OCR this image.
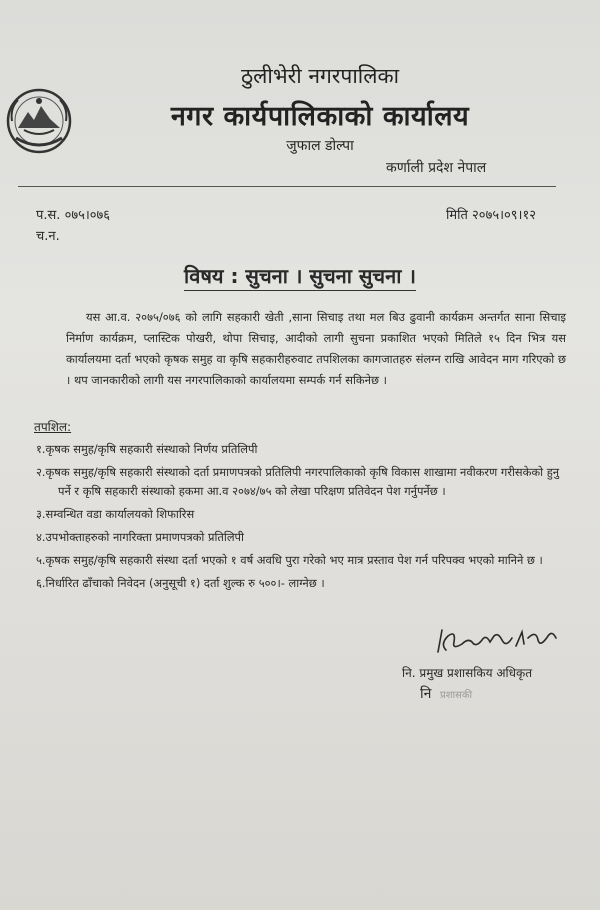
ठुलीभेरी नगरपालिका
नगर कार्यपालिकाको कार्यालय
जुफाल डोल्पा
कर्णाली प्रदेश नेपाल
प.स. ०७५।०७६
च.न.
मिति २०७५।०९।१२
विषय : सुचना । सुचना सुचना ।
यस आ.व. २०७५/०७६ को लागि सहकारी खेती ,साना सिचाइ तथा मल बिउ ढुवानी कार्यक्रम अन्तर्गत साना सिचाइ निर्माण कार्यक्रम, प्लास्टिक पोखरी, थोपा सिचाइ, आदीको लागी सुचना प्रकाशित भएको मितिले १५ दिन भित्र यस कार्यालयमा दर्ता भएको कृषक समुह वा कृषि सहकारीहरुवाट तपशिलका कागजातहरु संलग्न राखि आवेदन माग गरिएको छ । थप जानकारीको लागी यस नगरपालिकाको कार्यालयमा सम्पर्क गर्न सकिनेछ ।
तपशिल:
१.कृषक समुह/कृषि सहकारी संस्थाको निर्णय प्रतिलिपी
२.कृषक समुह/कृषि सहकारी संस्थाको दर्ता प्रमाणपत्रको प्रतिलिपी नगरपालिकाको कृषि विकास शाखामा नवीकरण गरीसकेको हुनु पर्ने र कृषि सहकारी संस्थाको हकमा आ.व २०७४/७५ को लेखा परिक्षण प्रतिवेदन पेश गर्नुपर्नेछ ।
३.सम्वन्धित वडा कार्यालयको शिफारिस
४.उपभोक्ताहरुको नागरिक्ता प्रमाणपत्रको प्रतिलिपी
५.कृषक समुह/कृषि सहकारी संस्था दर्ता भएको १ वर्ष अवधि पुरा गरेको भए मात्र प्रस्ताव पेश गर्न परिपक्व भएको मानिने छ ।
६.निर्धारित ढाँचाको निवेदन (अनुसूची १) दर्ता शुल्क रु ५००।- लाग्नेछ ।
नि. प्रमुख प्रशासकिय अधिकृत
नि प्रशासकी
